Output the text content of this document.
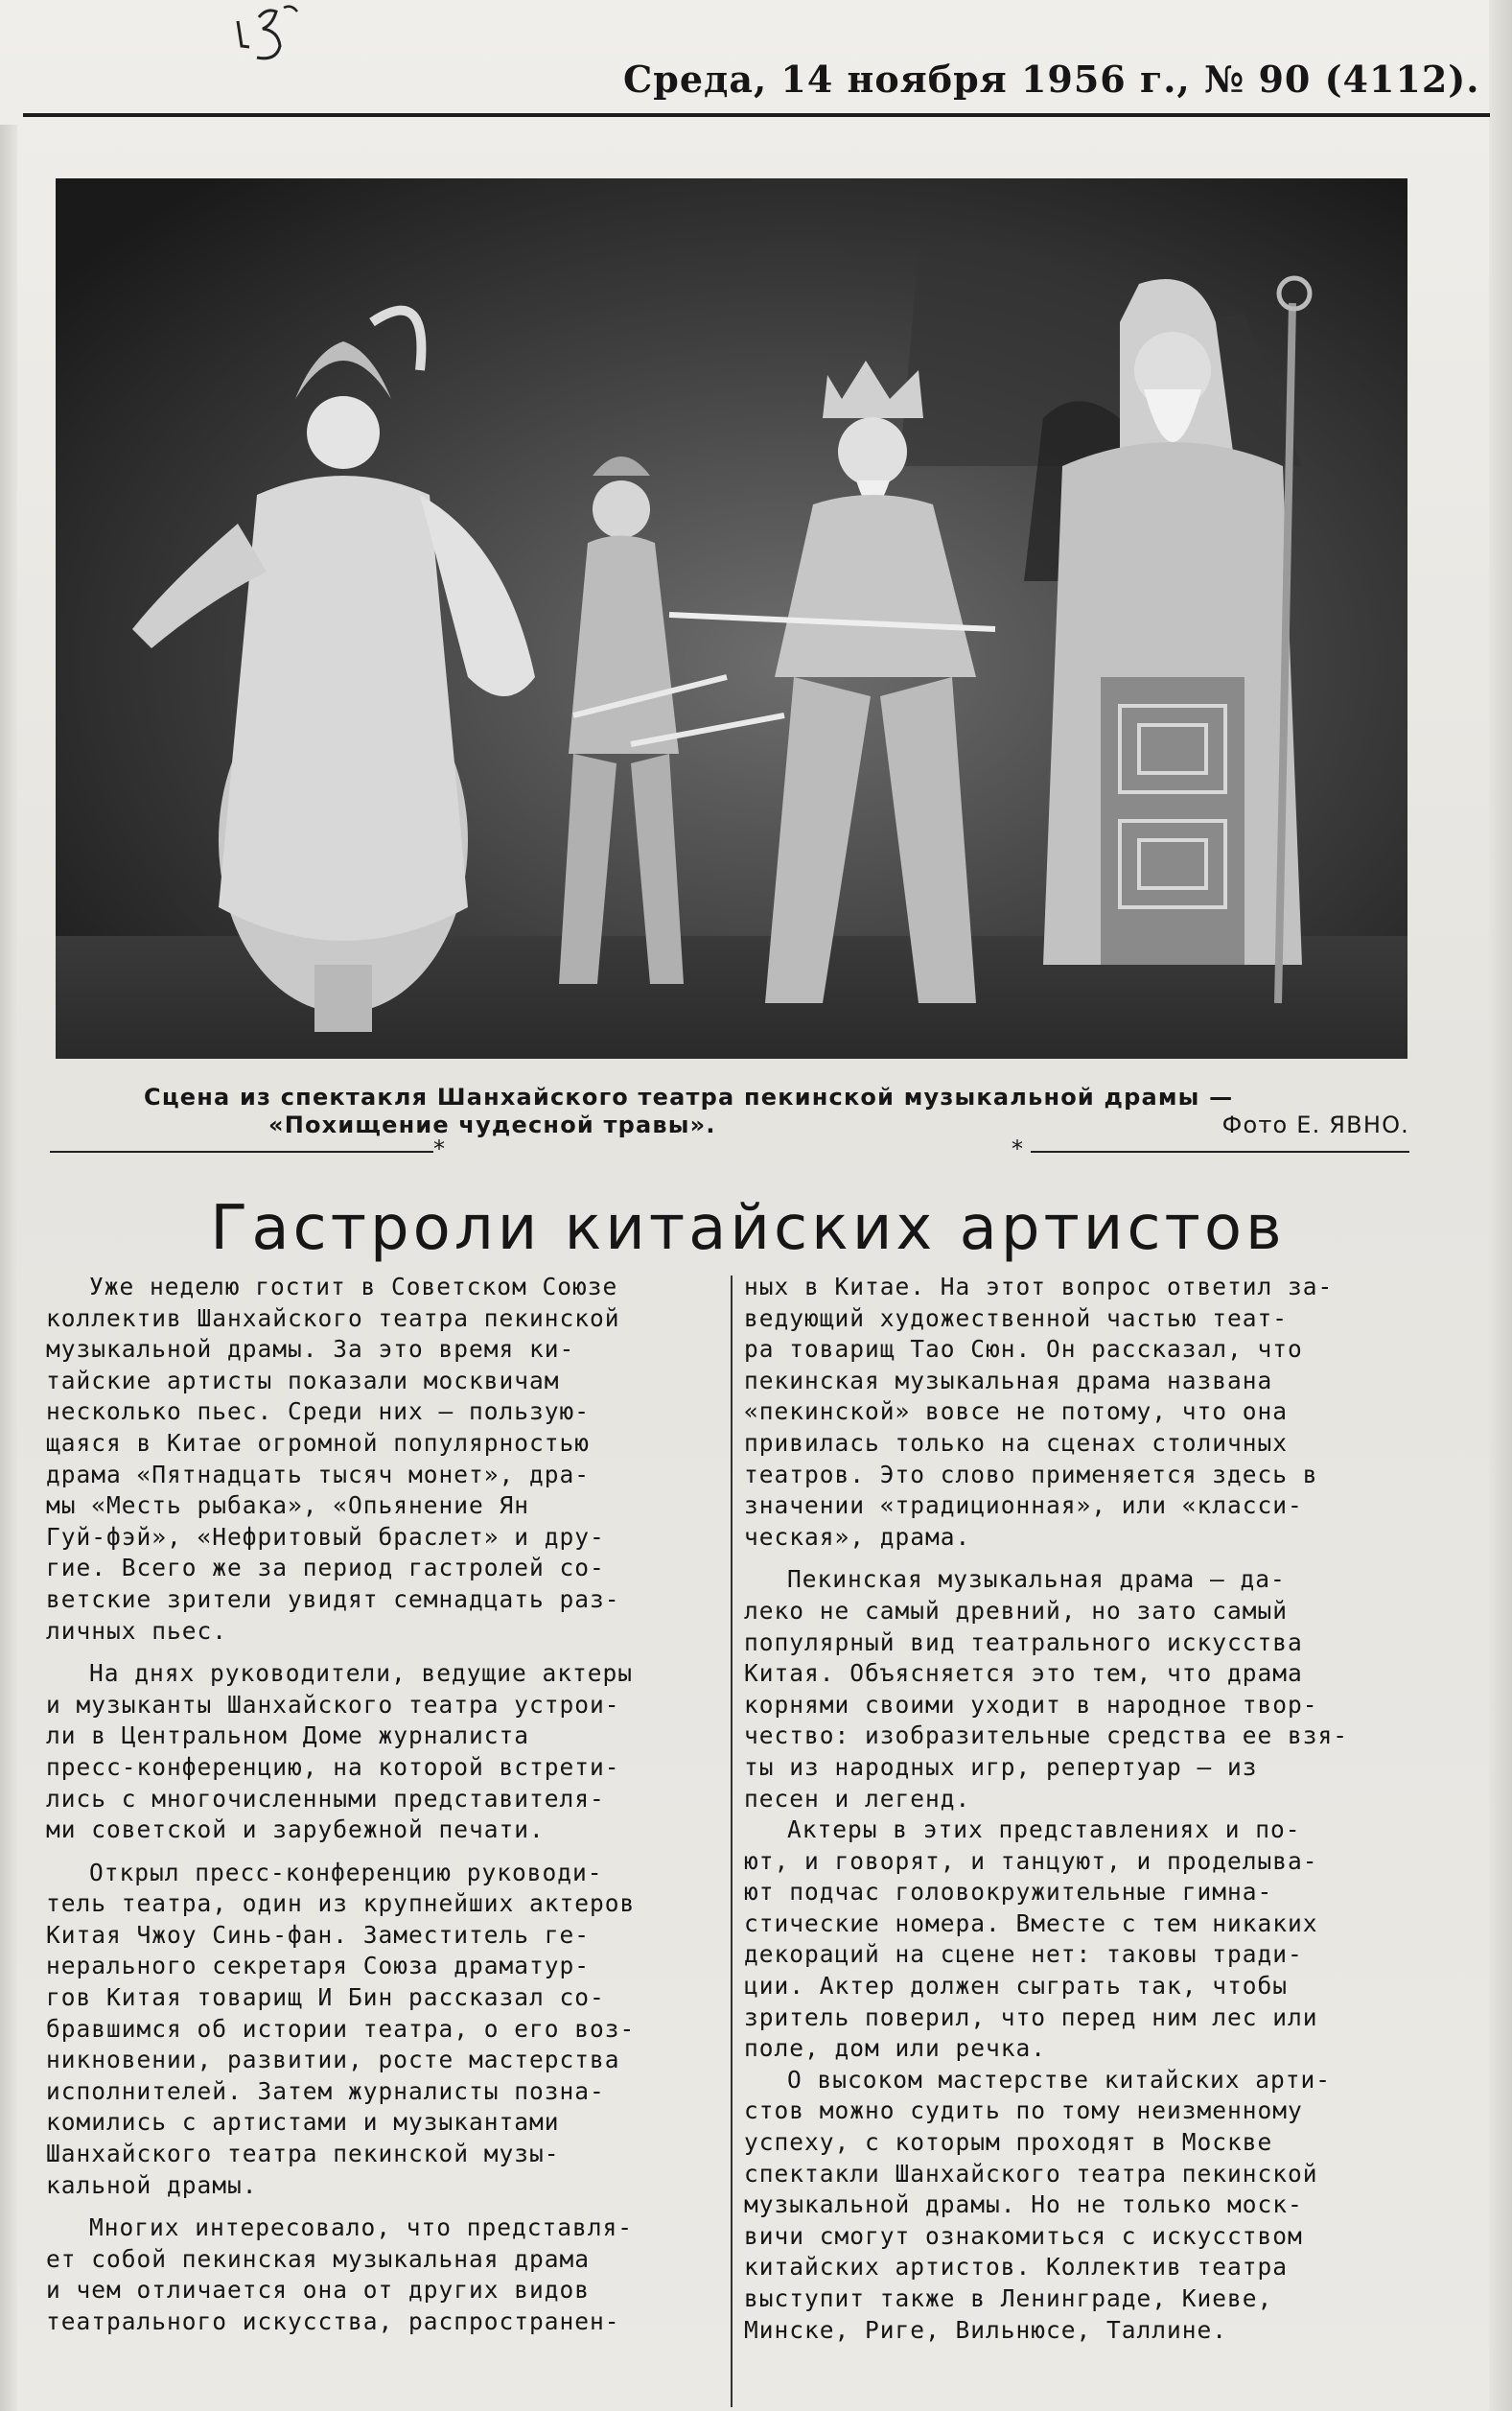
Среда, 14 ноября 1956 г., № 90 (4112).
Сцена из спектакля Шанхайского театра пекинской музыкальной драмы —
«Похищение чудесной травы».	Фото Е. ЯВНО.
*	*
Гастроли китайских артистов
Уже неделю гостит в Советском Союзе
коллектив Шанхайского театра пекинской
музыкальной драмы. За это время ки-
тайские артисты показали москвичам
несколько пьес. Среди них — пользую-
щаяся в Китае огромной популярностью
драма «Пятнадцать тысяч монет», дра-
мы «Месть рыбака», «Опьянение Ян
Гуй-фэй», «Нефритовый браслет» и дру-
гие. Всего же за период гастролей со-
ветские зрители увидят семнадцать раз-
личных пьес.
На днях руководители, ведущие актеры
и музыканты Шанхайского театра устрои-
ли в Центральном Доме журналиста
пресс-конференцию, на которой встрети-
лись с многочисленными представителя-
ми советской и зарубежной печати.
Открыл пресс-конференцию руководи-
тель театра, один из крупнейших актеров
Китая Чжоу Синь-фан. Заместитель ге-
нерального секретаря Союза драматур-
гов Китая товарищ И Бин рассказал со-
бравшимся об истории театра, о его воз-
никновении, развитии, росте мастерства
исполнителей. Затем журналисты позна-
комились с артистами и музыкантами
Шанхайского театра пекинской музы-
кальной драмы.
Многих интересовало, что представля-
ет собой пекинская музыкальная драма
и чем отличается она от других видов
театрального искусства, распространен-
ных в Китае. На этот вопрос ответил за-
ведующий художественной частью теат-
ра товарищ Тао Сюн. Он рассказал, что
пекинская музыкальная драма названа
«пекинской» вовсе не потому, что она
привилась только на сценах столичных
театров. Это слово применяется здесь в
значении «традиционная», или «класси-
ческая», драма.
Пекинская музыкальная драма — да-
леко не самый древний, но зато самый
популярный вид театрального искусства
Китая. Объясняется это тем, что драма
корнями своими уходит в народное твор-
чество: изобразительные средства ее взя-
ты из народных игр, репертуар — из
песен и легенд.
Актеры в этих представлениях и по-
ют, и говорят, и танцуют, и проделыва-
ют подчас головокружительные гимна-
стические номера. Вместе с тем никаких
декораций на сцене нет: таковы тради-
ции. Актер должен сыграть так, чтобы
зритель поверил, что перед ним лес или
поле, дом или речка.
О высоком мастерстве китайских арти-
стов можно судить по тому неизменному
успеху, с которым проходят в Москве
спектакли Шанхайского театра пекинской
музыкальной драмы. Но не только моск-
вичи смогут ознакомиться с искусством
китайских артистов. Коллектив театра
выступит также в Ленинграде, Киеве,
Минске, Риге, Вильнюсе, Таллине.
